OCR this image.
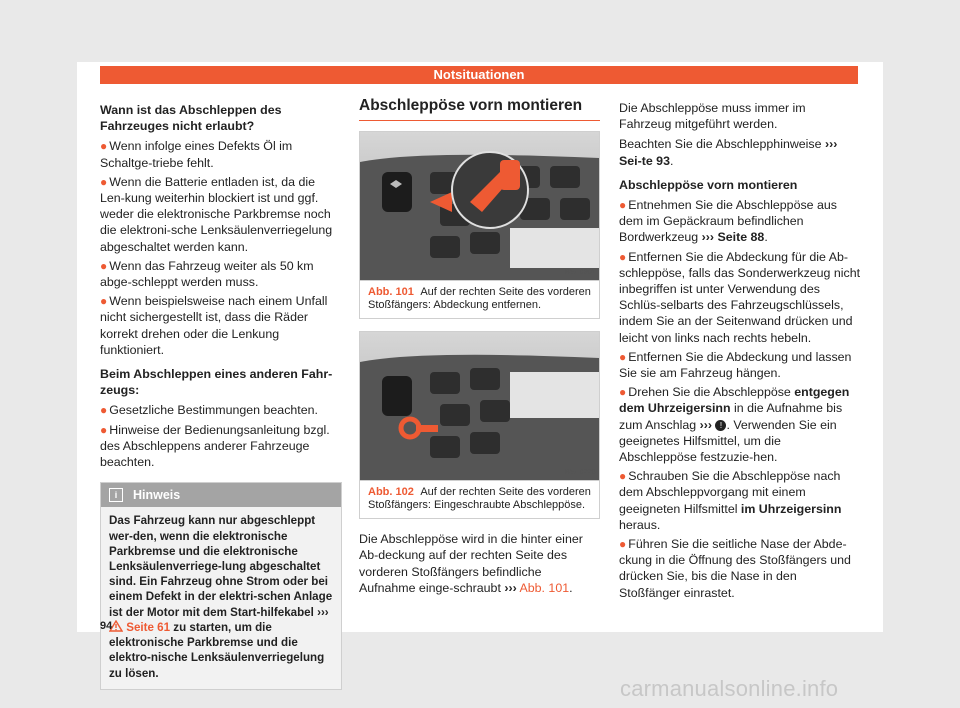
Notsituationen

Wann ist das Abschleppen des Fahrzeuges nicht erlaubt?

● Wenn infolge eines Defekts Öl im Schaltge-triebe fehlt.

● Wenn die Batterie entladen ist, da die Len-kung weiterhin blockiert ist und ggf. weder die elektronische Parkbremse noch die elektroni-sche Lenksäulenverriegelung abgeschaltet werden kann.

● Wenn das Fahrzeug weiter als 50 km abge-schleppt werden muss.

● Wenn beispielsweise nach einem Unfall nicht sichergestellt ist, dass die Räder korrekt drehen oder die Lenkung funktioniert.

Beim Abschleppen eines anderen Fahr-zeugs:

● Gesetzliche Bestimmungen beachten.

● Hinweise der Bedienungsanleitung bzgl. des Abschleppens anderer Fahrzeuge beachten.

i	Hinweis
Das Fahrzeug kann nur abgeschleppt wer-den, wenn die elektronische Parkbremse und die elektronische Lenksäulenverriege-lung abgeschaltet sind. Ein Fahrzeug ohne Strom oder bei einem Defekt in der elektri-schen Anlage ist der Motor mit dem Start-hilfekabel ›››  Seite 61 zu starten, um die elektronische Parkbremse und die elektro-nische Lenksäulenverriegelung zu lösen.
Abschleppöse vorn montieren
B57-0301
Abb. 101 Auf der rechten Seite des vorderen Stoßfängers: Abdeckung entfernen.
B57-0228
Abb. 102 Auf der rechten Seite des vorderen Stoßfängers: Eingeschraubte Abschleppöse.

Die Abschleppöse wird in die hinter einer Ab-deckung auf der rechten Seite des vorderen Stoßfängers befindliche Aufnahme einge-schraubt ››› Abb. 101.

Die Abschleppöse muss immer im Fahrzeug mitgeführt werden.

Beachten Sie die Abschlepphinweise ››› Sei-te 93.

Abschleppöse vorn montieren

● Entnehmen Sie die Abschleppöse aus dem im Gepäckraum befindlichen Bordwerkzeug ››› Seite 88.

● Entfernen Sie die Abdeckung für die Ab-schleppöse, falls das Sonderwerkzeug nicht inbegriffen ist unter Verwendung des Schlüs-selbarts des Fahrzeugschlüssels, indem Sie an der Seitenwand drücken und leicht von links nach rechts hebeln.

● Entfernen Sie die Abdeckung und lassen Sie sie am Fahrzeug hängen.

● Drehen Sie die Abschleppöse entgegen dem Uhrzeigersinn in die Aufnahme bis zum Anschlag ››› ! . Verwenden Sie ein geeignetes Hilfsmittel, um die Abschleppöse festzuzie-hen.

● Schrauben Sie die Abschleppöse nach dem Abschleppvorgang mit einem geeigneten Hilfsmittel im Uhrzeigersinn heraus.

● Führen Sie die seitliche Nase der Abde-ckung in die Öffnung des Stoßfängers und drücken Sie, bis die Nase in den Stoßfänger einrastet.

94
carmanualsonline.info
